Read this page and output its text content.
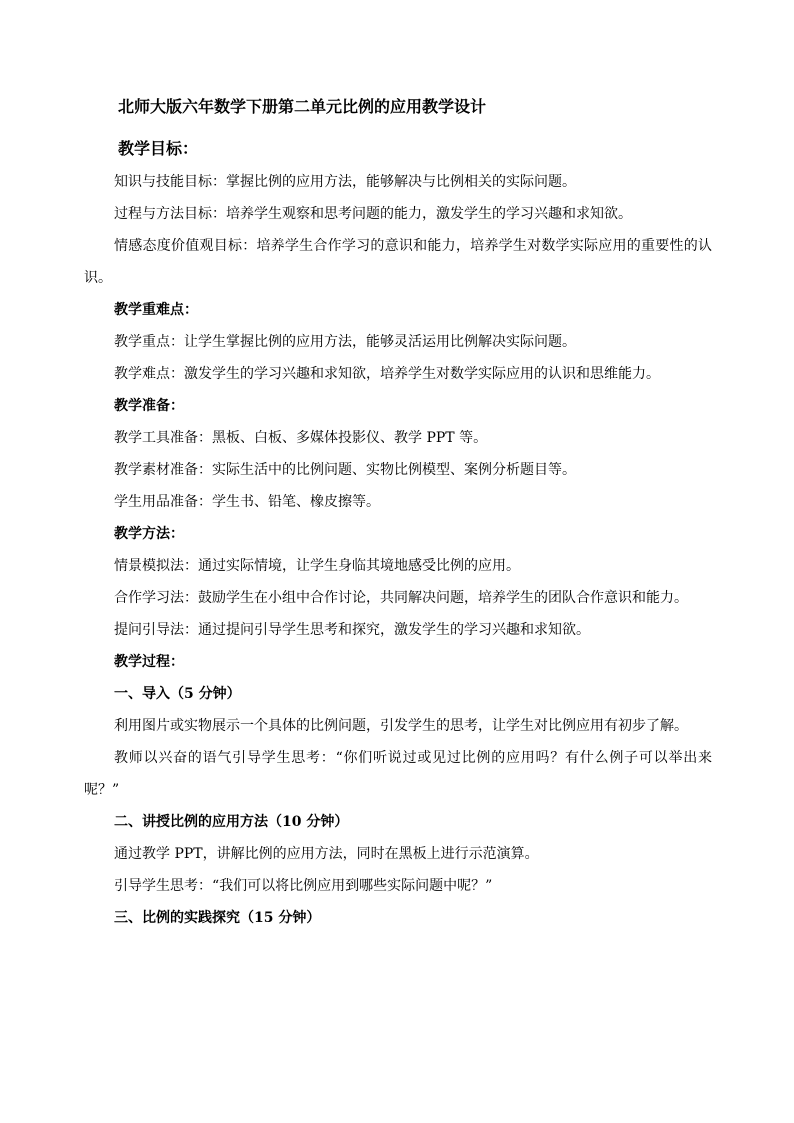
北师大版六年数学下册第二单元比例的应用教学设计
教学目标：

知识与技能目标：掌握比例的应用方法，能够解决与比例相关的实际问题。

过程与方法目标：培养学生观察和思考问题的能力，激发学生的学习兴趣和求知欲。

情感态度价值观目标：培养学生合作学习的意识和能力，培养学生对数学实际应用的重要性的认识。

教学重难点：

教学重点：让学生掌握比例的应用方法，能够灵活运用比例解决实际问题。

教学难点：激发学生的学习兴趣和求知欲，培养学生对数学实际应用的认识和思维能力。

教学准备：

教学工具准备：黑板、白板、多媒体投影仪、教学 PPT 等。

教学素材准备：实际生活中的比例问题、实物比例模型、案例分析题目等。

学生用品准备：学生书、铅笔、橡皮擦等。

教学方法：

情景模拟法：通过实际情境，让学生身临其境地感受比例的应用。

合作学习法：鼓励学生在小组中合作讨论，共同解决问题，培养学生的团队合作意识和能力。

提问引导法：通过提问引导学生思考和探究，激发学生的学习兴趣和求知欲。

教学过程：
一、导入（5 分钟）

利用图片或实物展示一个具体的比例问题，引发学生的思考，让学生对比例应用有初步了解。

教师以兴奋的语气引导学生思考：“你们听说过或见过比例的应用吗？有什么例子可以举出来呢？”

二、讲授比例的应用方法（10 分钟）

通过教学 PPT，讲解比例的应用方法，同时在黑板上进行示范演算。

引导学生思考：“我们可以将比例应用到哪些实际问题中呢？”

三、比例的实践探究（15 分钟）
